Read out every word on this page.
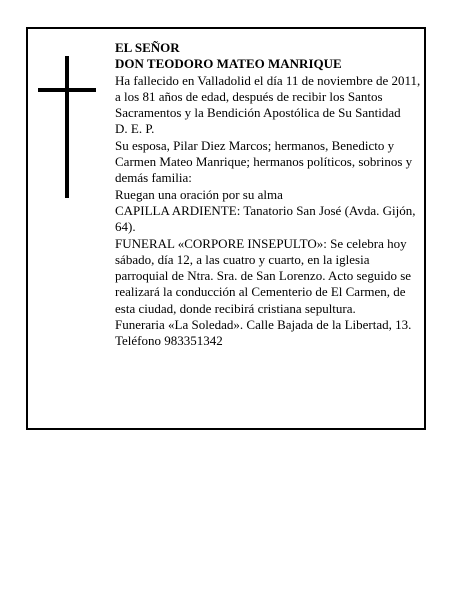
EL SEÑOR
DON TEODORO MATEO MANRIQUE
Ha fallecido en Valladolid el día 11 de noviembre de 2011, a los 81 años de edad, después de recibir los Santos Sacramentos y la Bendición Apostólica de Su Santidad
D. E. P.
Su esposa, Pilar Diez Marcos; hermanos, Benedicto y Carmen Mateo Manrique; hermanos políticos, sobrinos y demás familia:
Ruegan una oración por su alma
CAPILLA ARDIENTE: Tanatorio San José (Avda. Gijón, 64).
FUNERAL «CORPORE INSEPULTO»: Se celebra hoy sábado, día 12, a las cuatro y cuarto, en la iglesia parroquial de Ntra. Sra. de San Lorenzo. Acto seguido se realizará la conducción al Cementerio de El Carmen, de esta ciudad, donde recibirá cristiana sepultura.
Funeraria «La Soledad». Calle Bajada de la Libertad, 13. Teléfono 983351342
